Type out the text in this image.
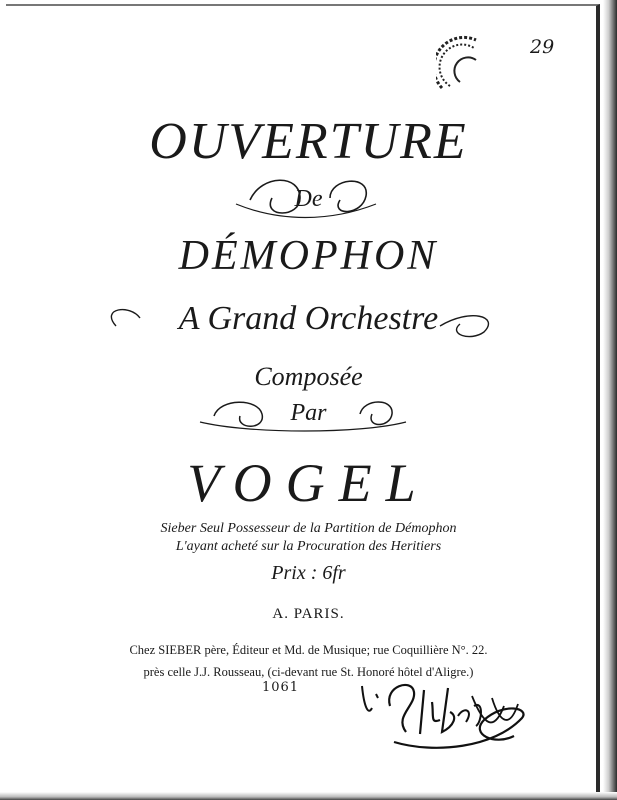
29
OUVERTURE
De
DÉMOPHON
A Grand Orchestre
Composée
Par
VOGEL
Sieber Seul Possesseur de la Partition de Démophon
L'ayant acheté sur la Procuration des Heritiers
Prix : 6fr
A. PARIS.
Chez SIEBER père, Éditeur et Md. de Musique; rue Coquillière N°. 22.
près celle J.J. Rousseau, (ci-devant rue St. Honoré hôtel d'Aligre.)
1061
